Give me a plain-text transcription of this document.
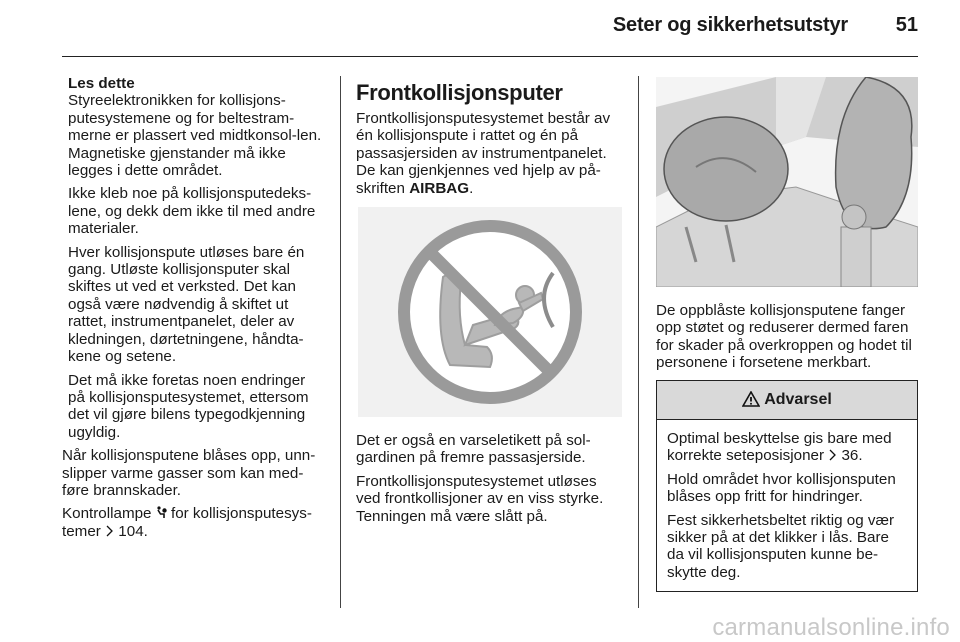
Seter og sikkerhetsutstyr 51
Les dette

Styreelektronikken for kollisjons-putesystemene og for beltestram-merne er plassert ved midtkonsol-len. Magnetiske gjenstander må ikke legges i dette området.

Ikke kleb noe på kollisjonsputedeks-lene, og dekk dem ikke til med andre materialer.

Hver kollisjonspute utløses bare én gang. Utløste kollisjonsputer skal skiftes ut ved et verksted. Det kan også være nødvendig å skiftet ut rattet, instrumentpanelet, deler av kledningen, dørtetningene, håndta-kene og setene.

Det må ikke foretas noen endringer på kollisjonsputesystemet, ettersom det vil gjøre bilens typegodkjenning ugyldig.

Når kollisjonsputene blåses opp, unn-slipper varme gasser som kan med-føre brannskader.

Kontrollampe for kollisjonsputesys-temer 104.

Frontkollisjonsputer

Frontkollisjonsputesystemet består av én kollisjonspute i rattet og én på passasjersiden av instrumentpanelet. De kan gjenkjennes ved hjelp av på-skriften AIRBAG.

Det er også en varseletikett på sol-gardinen på fremre passasjerside.

Frontkollisjonsputesystemet utløses ved frontkollisjoner av en viss styrke. Tenningen må være slått på.

De oppblåste kollisjonsputene fanger opp støtet og reduserer dermed faren for skader på overkroppen og hodet til personene i forsetene merkbart.

Advarsel

Optimal beskyttelse gis bare med korrekte seteposisjoner 36.

Hold området hvor kollisjonsputen blåses opp fritt for hindringer.

Fest sikkerhetsbeltet riktig og vær sikker på at det klikker i lås. Bare da vil kollisjonsputen kunne be-skytte deg.

carmanualsonline.info
